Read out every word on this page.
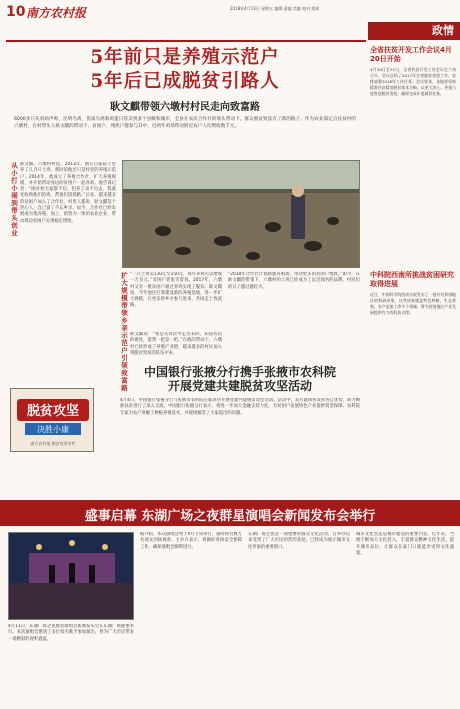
10 南方农村报	2018年4月13日 星期五 编辑 责编 美编 校对 组织
政情
5年前只是养殖示范户
5年后已成脱贫引路人
耿文麒带领六墩村村民走向致富路
6000多只灰羽鸡声鸣，昆明乌鸡，优质乌鸡和鸡蛋日常卖到多个县级和城市，全县在农民合作社的领头带动下，群众脱贫致富有了新的路子。作为农业部定点扶贫村的六墩村，在村带头人耿文麒的带动下，贫困户、残疾户都参与其中，近两年鸡场带动附近农户人均增收数千元。
从小打小闹到带头创业 耿文麒，六墩村村民，2013年，他在自家院子里养了几百只土鸡，那时的他还只是村里的养殖示范户。2014年，他成立了养殖合作社，扩大养殖规模，并开始带动身边的贫困户一起养鸡。他告诉记者：“刚开始大家都不信，怕养了卖不出去，我就先收购他们的鸡，帮他们找销路。”后来，越来越多的贫困户加入了合作社。村里人都说，耿文麒是个热心人，自己富了不忘乡亲。如今，合作社已经发展成为集养殖、加工、销售为一体的农业企业，带动周边贫困户实现稳定增收。
扩大规模带领乡亲 “一只土鸡卖130元至150元，每年养鸡可以增收一万多元。”贫困户老张笑着说。2017年，六墩村又有一批贫困户通过养鸡实现了脱贫。耿文麒说，今年他还打算建设新的养殖基地，进一步扩大规模，让更多的乡亲参与进来，共同走上致富路。
示范户引领致富路 耿文麒说：“我是从农民中走出来的，知道农民的难处，能帮一把是一把。”在他的带动下，六墩村已经形成了养殖产业链，越来越多的村民加入到脱贫致富的队伍中来。
“2018年合作社计划新建养殖场，带动更多的贫困户增收。”如今，在耿文麒的带领下，六墩村的土鸡已经成为了远近闻名的品牌，村民们的日子越过越红火。
脱贫攻坚
决胜小康
南方农村报 脱贫攻坚专栏
中国银行张掖分行携手张掖市农科院
开展党建共建脱贫攻坚活动
4月4日，中国银行张掖分行与张掖市农科院在临泽县开展党建共建脱贫攻坚活动。活动中，双方就如何发挥各自优势，助力精准扶贫进行了深入交流。中国银行张掖分行表示，将进一步加大金融支持力度，为贫困户发展特色产业提供资金保障。农科院专家为农户讲解了种植养殖技术，并现场解答了大家提出的问题。
全省扶贫开发工作会议4月20日开始
4月20日至22日，全省扶贫开发工作会议在兰州召开。会议总结了2017年全省脱贫攻坚工作，安排部署2018年工作任务。会议要求，各地要坚持精准扶贫精准脱贫基本方略，以更大决心、更强力度推进脱贫攻坚，确保完成年度减贫任务。
中科院西南所挑战贫困研究取得进展
近日，中国科学院西南分院发布了一批针对贫困地区的科研成果。这些成果涵盖特色种植、生态养殖、农产品加工等多个领域，将为贫困地区产业发展提供有力的科技支撑。
盛事启幕 东湖广场之夜群星演唱会新闻发布会举行
4月11日，东湖广场之夜群星演唱会新闻发布会在东湖广场隆重举行。本次演唱会邀请了多位知名歌手参加演出，将为广大市民带来一场精彩的视听盛宴。
据介绍，本次演唱会将于4月下旬举行，届时将有数万名观众到场观看。主办方表示，将做好各项安全保障工作，确保演唱会顺利进行。
东湖广场之夜是一项重要的群众文化活动，自举办以来受到了广大市民的热烈欢迎，已经成为展示城市文化形象的重要窗口。
城市文化营造是城市建设的重要内容。近年来，当地不断加大文化投入，丰富群众精神文化生活，提升城市品位，让群众在家门口就能享受到文化盛宴。
